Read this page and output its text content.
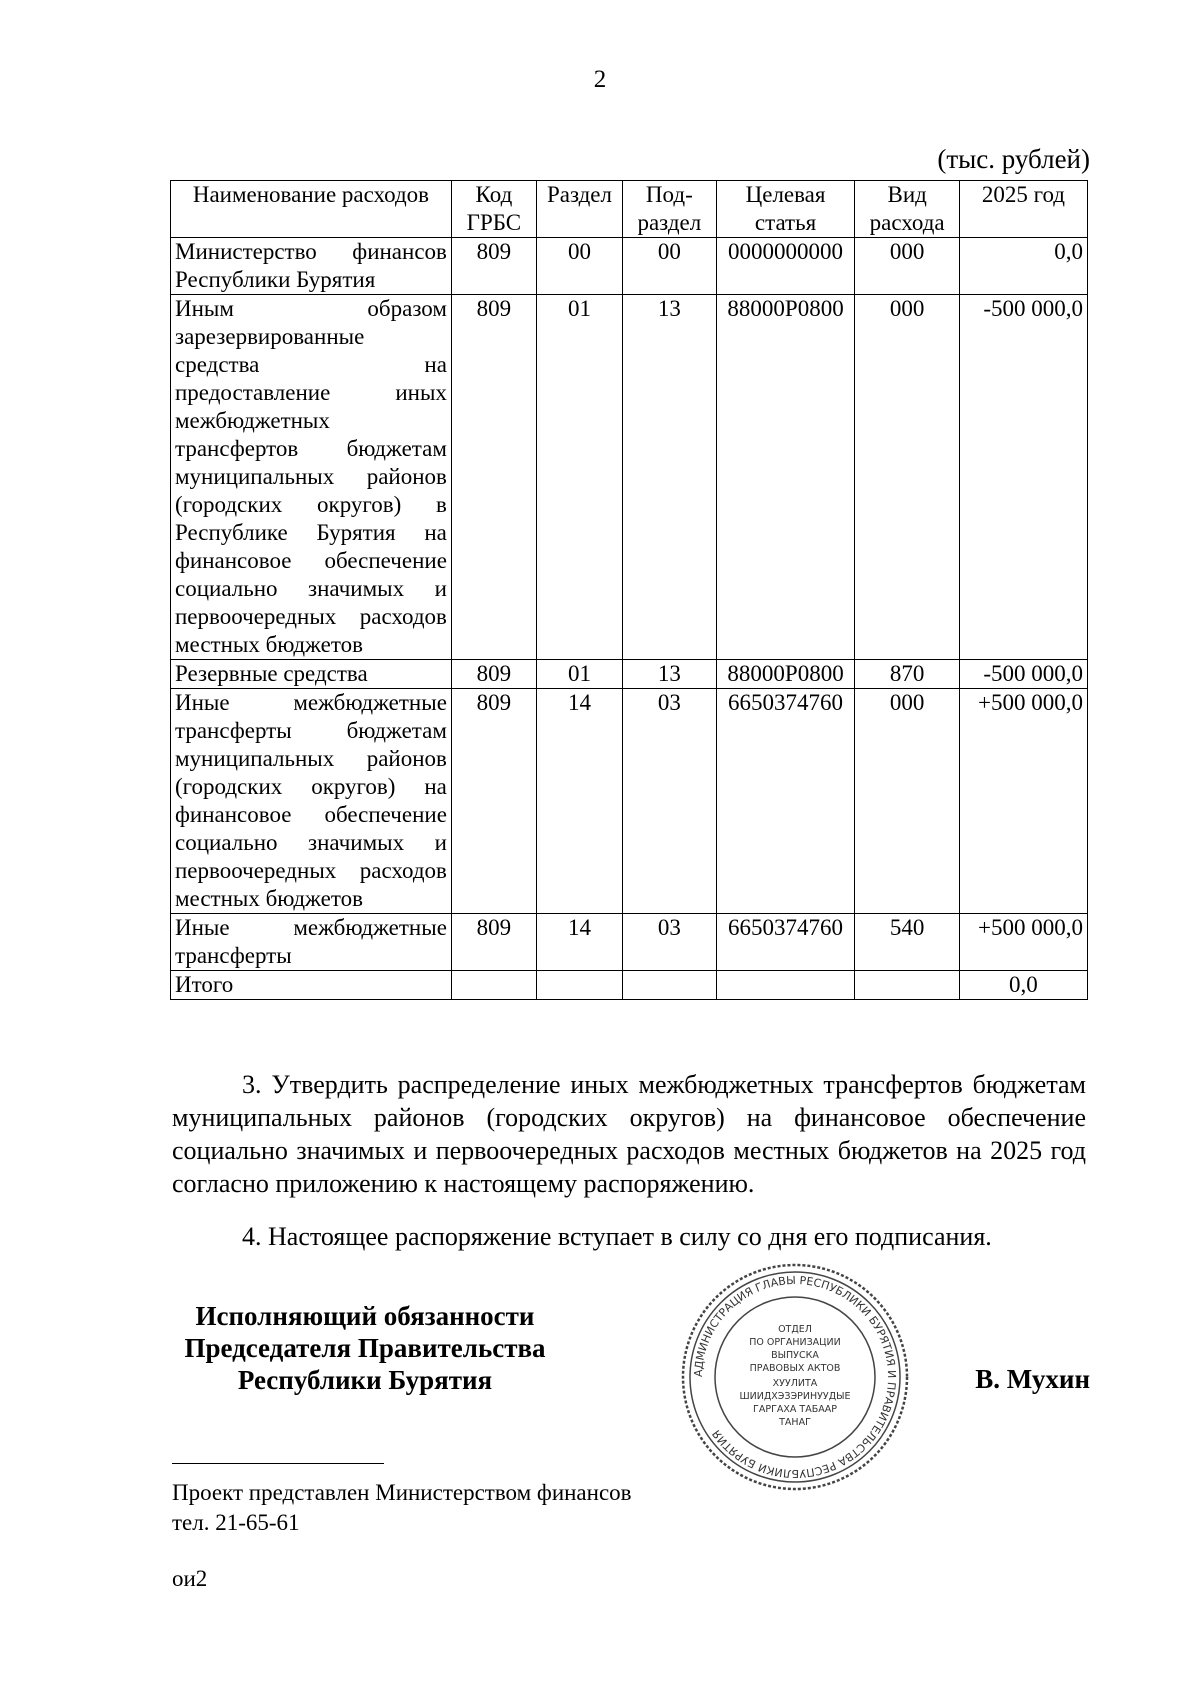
2
(тыс. рублей)
Наименование расходов	Код ГРБС	Раздел	Под-раздел	Целевая статья	Вид расхода	2025 год
Министерство финансов Республики Бурятия	809	00	00	0000000000	000	0,0
Иным образом зарезервированные средства на предоставление иных межбюджетных трансфертов бюджетам муниципальных районов (городских округов) в Республике Бурятия на финансовое обеспечение социально значимых и первоочередных расходов местных бюджетов	809	01	13	88000Р0800	000	-500 000,0
Резервные средства	809	01	13	88000Р0800	870	-500 000,0
Иные межбюджетные трансферты бюджетам муниципальных районов (городских округов) на финансовое обеспечение социально значимых и первоочередных расходов местных бюджетов	809	14	03	6650374760	000	+500 000,0
Иные межбюджетные трансферты	809	14	03	6650374760	540	+500 000,0
Итого						0,0

3. Утвердить распределение иных межбюджетных трансфертов бюджетам муниципальных районов (городских округов) на финансовое обеспечение социально значимых и первоочередных расходов местных бюджетов на 2025 год согласно приложению к настоящему распоряжению.

4. Настоящее распоряжение вступает в силу со дня его подписания.

Исполняющий обязанности
Председателя Правительства
Республики Бурятия	АДМИНИСТРАЦИЯ ГЛАВЫ РЕСПУБЛИКИ БУРЯТИЯ И ПРАВИТЕЛЬСТВА РЕСПУБЛИКИ БУРЯТИЯ
ОТДЕЛ
ПО ОРГАНИЗАЦИИ
ВЫПУСКА
ПРАВОВЫХ АКТОВ
ХУУЛИТА
ШИИДХЭЗЭРИНУУДЫЕ
ГАРГАХА ТАБААР
ТАНАГ
В. Мухин
Проект представлен Министерством финансов
тел. 21-65-61
ои2
